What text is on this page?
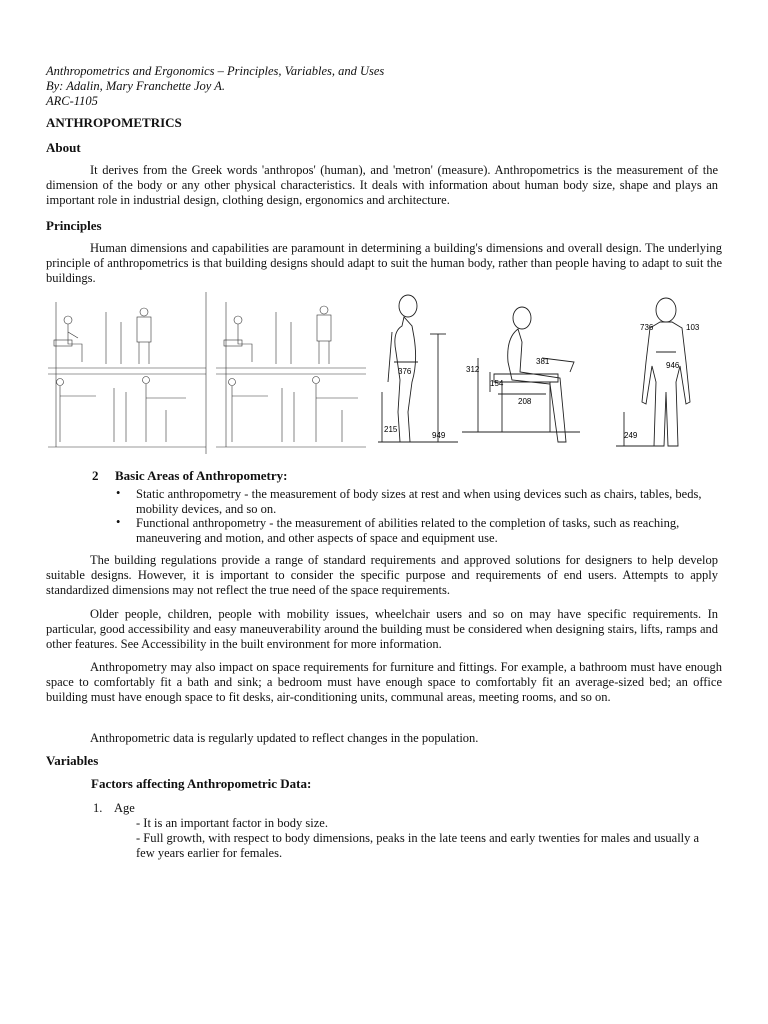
Anthropometrics and Ergonomics – Principles, Variables, and Uses
By: Adalin, Mary Franchette Joy A.
ARC-1105
ANTHROPOMETRICS
About
It derives from the Greek words 'anthropos' (human), and 'metron' (measure). Anthropometrics is the measurement of the dimension of the body or any other physical characteristics. It deals with information about human body size, shape and plays an important role in industrial design, clothing design, ergonomics and architecture.
Principles
Human dimensions and capabilities are paramount in determining a building's dimensions and overall design. The underlying principle of anthropometrics is that building designs should adapt to suit the human body, rather than people having to adapt to suit the buildings.
376
215
949
381
312
154
208
736	103
946
249
2 Basic Areas of Anthropometry:
• Static anthropometry - the measurement of body sizes at rest and when using devices such as chairs, tables, beds, mobility devices, and so on.
• Functional anthropometry - the measurement of abilities related to the completion of tasks, such as reaching, maneuvering and motion, and other aspects of space and equipment use.
The building regulations provide a range of standard requirements and approved solutions for designers to help develop suitable designs. However, it is important to consider the specific purpose and requirements of end users. Attempts to apply standardized dimensions may not reflect the true need of the space requirements.
Older people, children, people with mobility issues, wheelchair users and so on may have specific requirements. In particular, good accessibility and easy maneuverability around the building must be considered when designing stairs, lifts, ramps and other features. See Accessibility in the built environment for more information.
Anthropometry may also impact on space requirements for furniture and fittings. For example, a bathroom must have enough space to comfortably fit a bath and sink; a bedroom must have enough space to comfortably fit an average-sized bed; an office building must have enough space to fit desks, air-conditioning units, communal areas, meeting rooms, and so on.
Anthropometric data is regularly updated to reflect changes in the population.
Variables
Factors affecting Anthropometric Data:
1. Age
- It is an important factor in body size.
- Full growth, with respect to body dimensions, peaks in the late teens and early twenties for males and usually a few years earlier for females.
